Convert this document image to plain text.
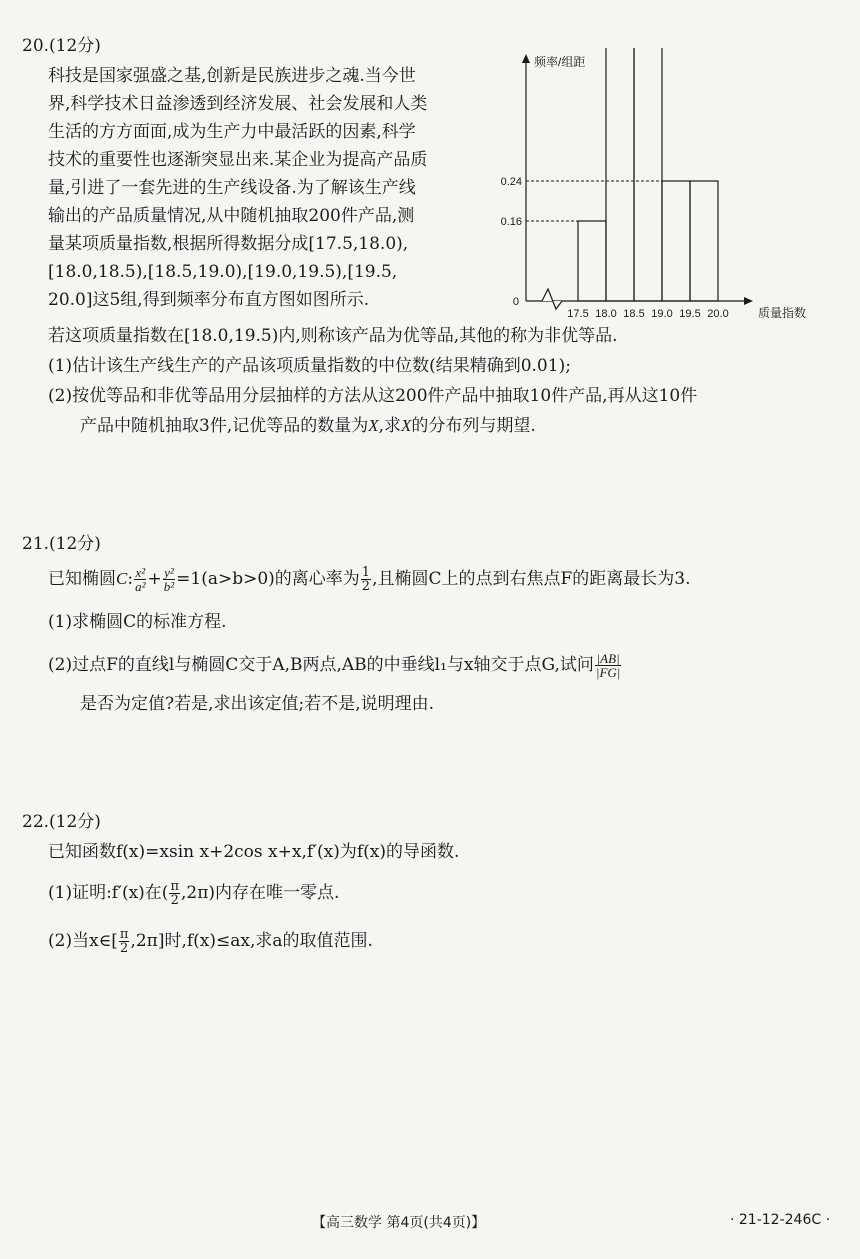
20.(12分)
科技是国家强盛之基,创新是民族进步之魂.当今世
界,科学技术日益渗透到经济发展、社会发展和人类
生活的方方面面,成为生产力中最活跃的因素,科学
技术的重要性也逐渐突显出来.某企业为提高产品质
量,引进了一套先进的生产线设备.为了解该生产线
输出的产品质量情况,从中随机抽取200件产品,测
量某项质量指数,根据所得数据分成[17.5,18.0),
[18.0,18.5),[18.5,19.0),[19.0,19.5),[19.5,
20.0]这5组,得到频率分布直方图如图所示.
若这项质量指数在[18.0,19.5)内,则称该产品为优等品,其他的称为非优等品.
(1)估计该生产线生产的产品该项质量指数的中位数(结果精确到0.01);
(2)按优等品和非优等品用分层抽样的方法从这200件产品中抽取10件产品,再从这10件
产品中随机抽取3件,记优等品的数量为X,求X的分布列与期望.
0.16
0.24
17.5 18.0 18.5 19.0 19.5 20.0
0
频率/组距
质量指数
21.(12分)
已知椭圆C: $\frac{\text{x²}}{\text{a²}} + \frac{\text{y²}}{\text{b²}} =1(a>b>0)$的离心率为 $\frac{1}{2}$ ,且椭圆C上的点到右焦点F的距离最长为3.
(1)求椭圆C的标准方程.
(2)过点F的直线l与椭圆C交于A,B两点,AB的中垂线l₁与x轴交于点G,试问 $\frac{|AB|}{|FG|}$
是否为定值?若是,求出该定值;若不是,说明理由.
22.(12分)
已知函数f(x)=xsin x+2cos x+x,f′(x)为f(x)的导函数.
(1)证明:f′(x)在( $\frac{\pi}{2} ,2\pi$)内存在唯一零点.
(2)当x∈[ $\frac{\pi}{2} ,2\pi$]时,f(x)≤ax,求a的取值范围.
【高三数学 第4页(共4页)】	· 21-12-246C ·
